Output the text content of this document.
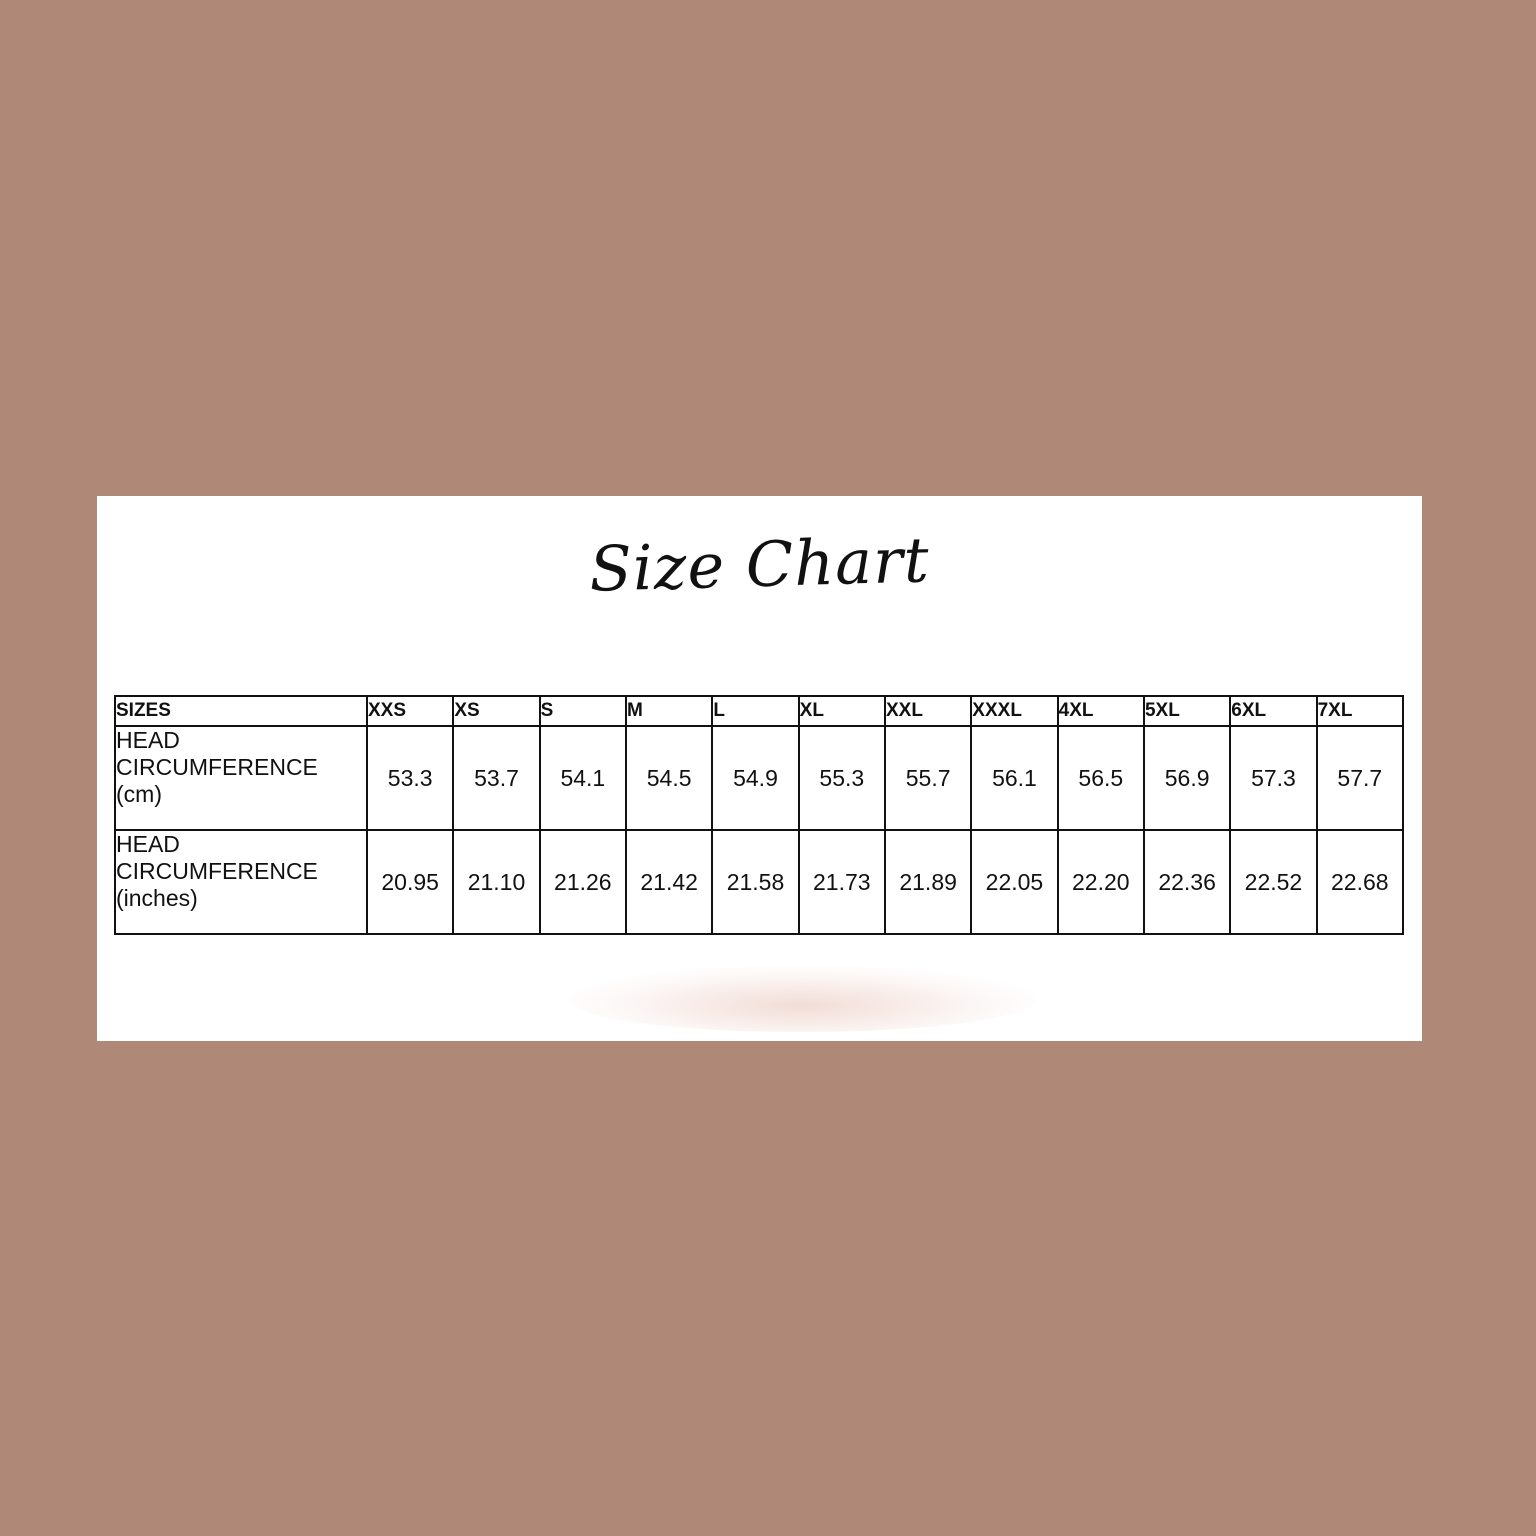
Size Chart
SIZES	XXS	XS	S	M	L	XL	XXL	XXXL	4XL	5XL	6XL	7XL
HEAD CIRCUMFERENCE (cm)	53.3	53.7	54.1	54.5	54.9	55.3	55.7	56.1	56.5	56.9	57.3	57.7
HEAD CIRCUMFERENCE (inches)	20.95	21.10	21.26	21.42	21.58	21.73	21.89	22.05	22.20	22.36	22.52	22.68
